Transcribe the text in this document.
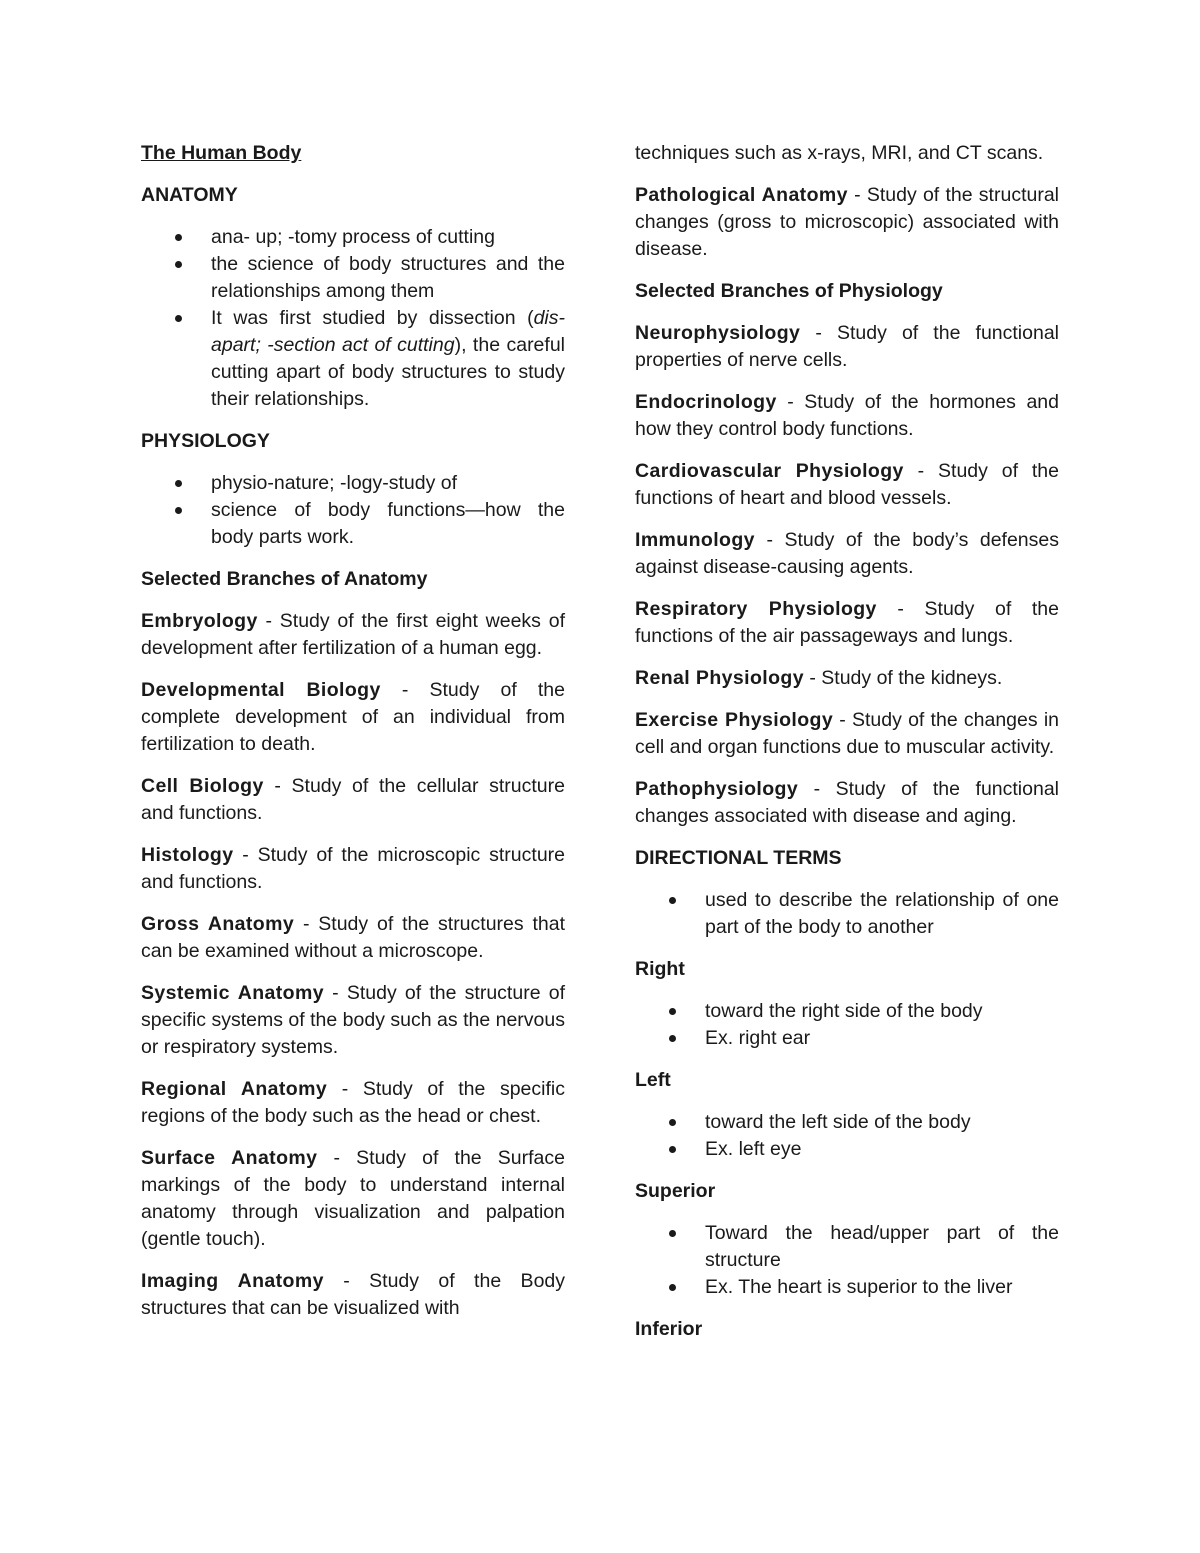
The Human Body

ANATOMY

ana- up; -tomy process of cutting
the science of body structures and the relationships among them
It was first studied by dissection (dis- apart; -section act of cutting), the careful cutting apart of body structures to study their relationships.

PHYSIOLOGY

physio-nature; -logy-study of
science of body functions—how the body parts work.

Selected Branches of Anatomy

Embryology - Study of the first eight weeks of development after fertilization of a human egg.

Developmental Biology - Study of the complete development of an individual from fertilization to death.

Cell Biology - Study of the cellular structure and functions.

Histology - Study of the microscopic structure and functions.

Gross Anatomy - Study of the structures that can be examined without a microscope.

Systemic Anatomy - Study of the structure of specific systems of the body such as the nervous or respiratory systems.

Regional Anatomy - Study of the specific regions of the body such as the head or chest.

Surface Anatomy - Study of the Surface markings of the body to understand internal anatomy through visualization and palpation (gentle touch).

Imaging Anatomy - Study of the Body structures that can be visualized with

techniques such as x-rays, MRI, and CT scans.

Pathological Anatomy - Study of the structural changes (gross to microscopic) associated with disease.

Selected Branches of Physiology

Neurophysiology - Study of the functional properties of nerve cells.

Endocrinology - Study of the hormones and how they control body functions.

Cardiovascular Physiology - Study of the functions of heart and blood vessels.

Immunology - Study of the body’s defenses against disease-causing agents.

Respiratory Physiology - Study of the functions of the air passageways and lungs.

Renal Physiology - Study of the kidneys.

Exercise Physiology - Study of the changes in cell and organ functions due to muscular activity.

Pathophysiology - Study of the functional changes associated with disease and aging.

DIRECTIONAL TERMS

used to describe the relationship of one part of the body to another

Right

toward the right side of the body
Ex. right ear

Left

toward the left side of the body
Ex. left eye

Superior

Toward the head/upper part of the structure
Ex. The heart is superior to the liver

Inferior
